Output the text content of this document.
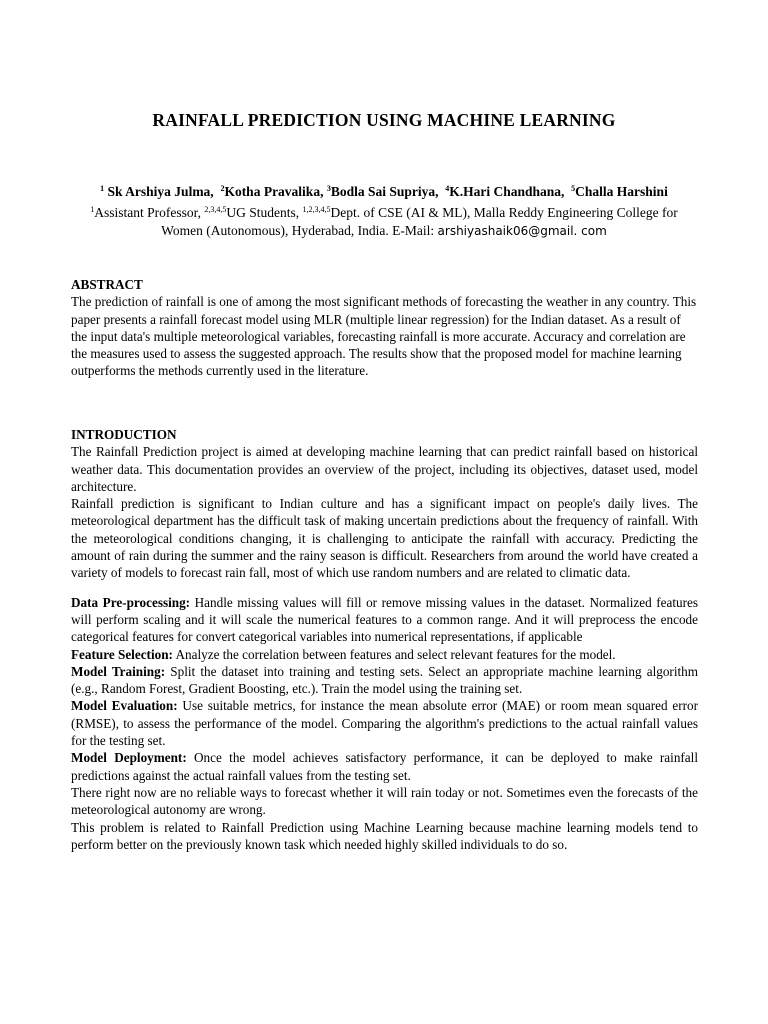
RAINFALL PREDICTION USING MACHINE LEARNING
$^1$ Sk Arshiya Julma, $^2$Kotha Pravalika, $^3$Bodla Sai Supriya, $^4$K.Hari Chandhana, $^5$Challa Harshini
$^1$Assistant Professor, $^{2,3,4,5}$UG Students, $^{1,2,3,4,5}$Dept. of CSE (AI & ML), Malla Reddy Engineering College for
Women (Autonomous), Hyderabad, India. E-Mail: arshiyashaik06@gmail. com
ABSTRACT

The prediction of rainfall is one of among the most significant methods of forecasting the weather in any country. This paper presents a rainfall forecast model using MLR (multiple linear regression) for the Indian dataset. As a result of the input data's multiple meteorological variables, forecasting rainfall is more accurate. Accuracy and correlation are the measures used to assess the suggested approach. The results show that the proposed model for machine learning outperforms the methods currently used in the literature.

INTRODUCTION

The Rainfall Prediction project is aimed at developing machine learning that can predict rainfall based on historical weather data. This documentation provides an overview of the project, including its objectives, dataset used, model architecture.

Rainfall prediction is significant to Indian culture and has a significant impact on people's daily lives. The meteorological department has the difficult task of making uncertain predictions about the frequency of rainfall. With the meteorological conditions changing, it is challenging to anticipate the rainfall with accuracy. Predicting the amount of rain during the summer and the rainy season is difficult. Researchers from around the world have created a variety of models to forecast rain fall, most of which use random numbers and are related to climatic data.

Data Pre-processing: Handle missing values will fill or remove missing values in the dataset. Normalized features will perform scaling and it will scale the numerical features to a common range. And it will preprocess the encode categorical features for convert categorical variables into numerical representations, if applicable

Feature Selection: Analyze the correlation between features and select relevant features for the model.

Model Training: Split the dataset into training and testing sets. Select an appropriate machine learning algorithm (e.g., Random Forest, Gradient Boosting, etc.). Train the model using the training set.

Model Evaluation: Use suitable metrics, for instance the mean absolute error (MAE) or room mean squared error (RMSE), to assess the performance of the model. Comparing the algorithm's predictions to the actual rainfall values for the testing set.

Model Deployment: Once the model achieves satisfactory performance, it can be deployed to make rainfall predictions against the actual rainfall values from the testing set.

There right now are no reliable ways to forecast whether it will rain today or not. Sometimes even the forecasts of the meteorological autonomy are wrong.

This problem is related to Rainfall Prediction using Machine Learning because machine learning models tend to perform better on the previously known task which needed highly skilled individuals to do so.
